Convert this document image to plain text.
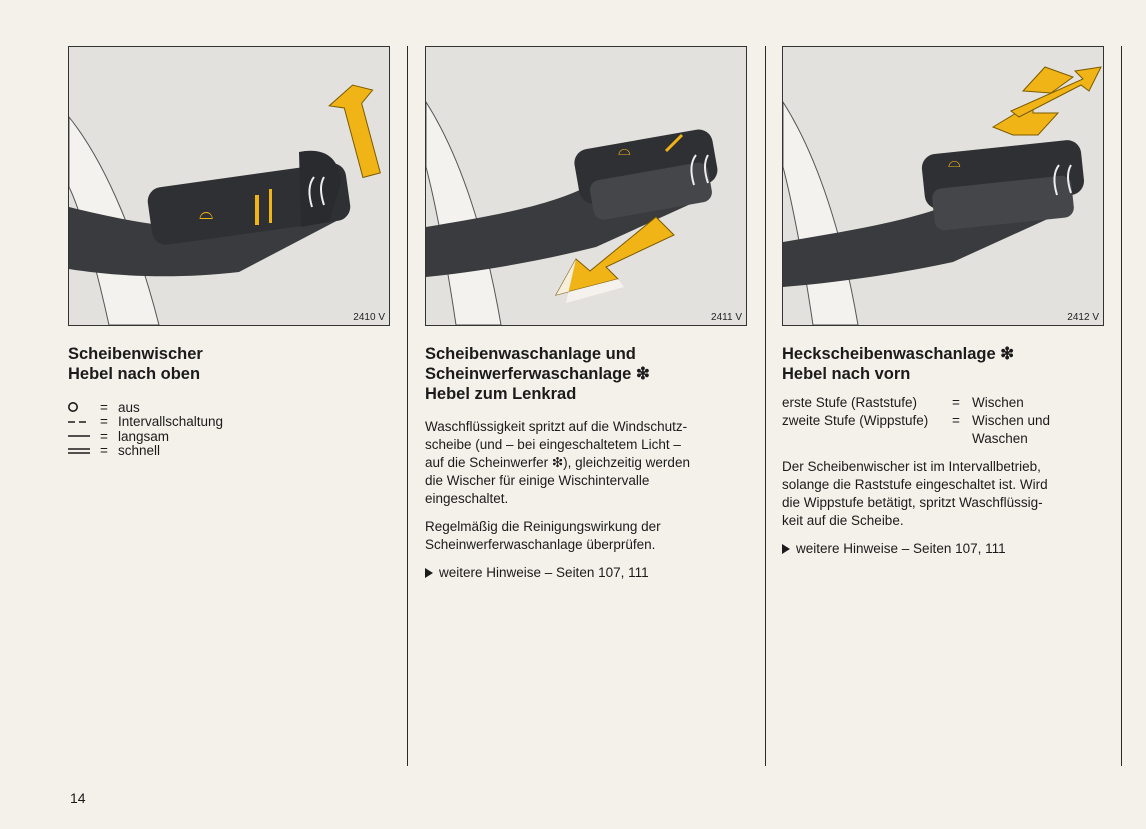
⌓
2410 V
⌓
2411 V
⌓
2412 V

Scheibenwischer

Hebel nach oben

= aus
= Intervallschaltung
= langsam
= schnell

Scheibenwaschanlage und

Scheinwerferwaschanlage ❇

Hebel zum Lenkrad

Waschflüssigkeit spritzt auf die Windschutz-

scheibe (und – bei eingeschaltetem Licht –

auf die Scheinwerfer ❇), gleichzeitig werden

die Wischer für einige Wischintervalle

eingeschaltet.

Regelmäßig die Reinigungswirkung der

Scheinwerferwaschanlage überprüfen.

weitere Hinweise – Seiten 107, 111

Heckscheibenwaschanlage ❇

Hebel nach vorn

erste Stufe (Raststufe)	= Wischen
zweite Stufe (Wippstufe)	= Wischen und
Waschen

Der Scheibenwischer ist im Intervallbetrieb,

solange die Raststufe eingeschaltet ist. Wird

die Wippstufe betätigt, spritzt Waschflüssig-

keit auf die Scheibe.

weitere Hinweise – Seiten 107, 111
14
